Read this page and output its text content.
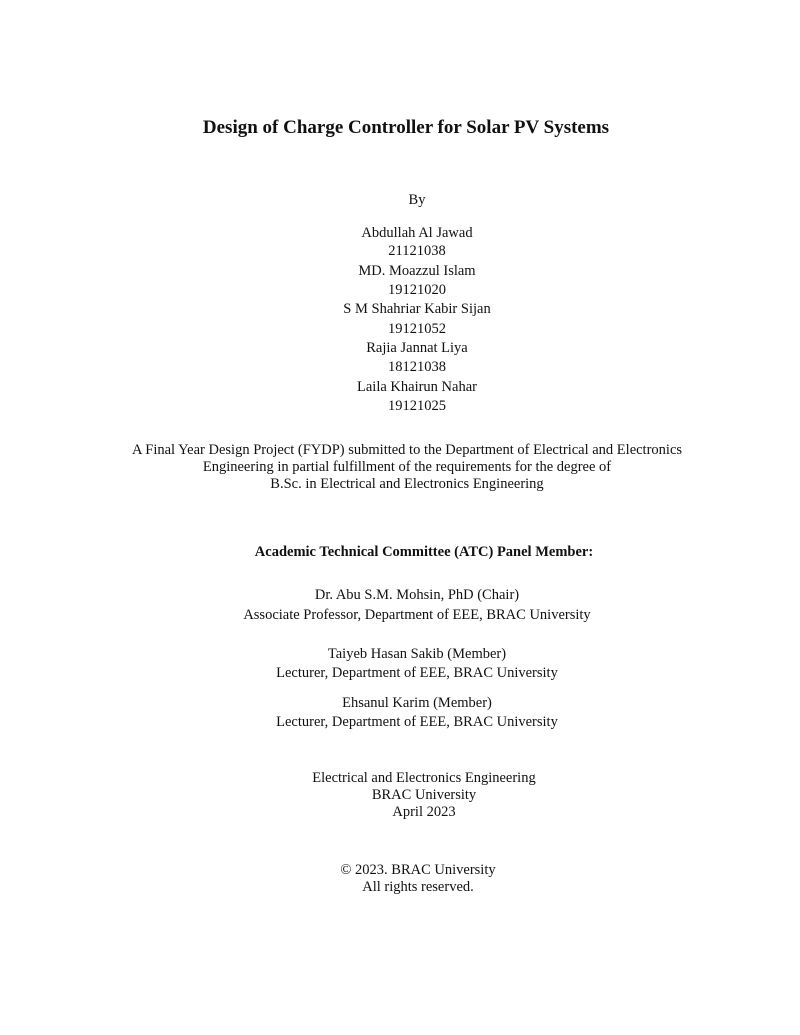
Design of Charge Controller for Solar PV Systems
By
Abdullah Al Jawad
21121038
MD. Moazzul Islam
19121020
S M Shahriar Kabir Sijan
19121052
Rajia Jannat Liya
18121038
Laila Khairun Nahar
19121025
A Final Year Design Project (FYDP) submitted to the Department of Electrical and Electronics
Engineering in partial fulfillment of the requirements for the degree of
B.Sc. in Electrical and Electronics Engineering
Academic Technical Committee (ATC) Panel Member:
Dr. Abu S.M. Mohsin, PhD (Chair)
Associate Professor, Department of EEE, BRAC University
Taiyeb Hasan Sakib (Member)
Lecturer, Department of EEE, BRAC University
Ehsanul Karim (Member)
Lecturer, Department of EEE, BRAC University
Electrical and Electronics Engineering
BRAC University
April 2023
© 2023. BRAC University
All rights reserved.
